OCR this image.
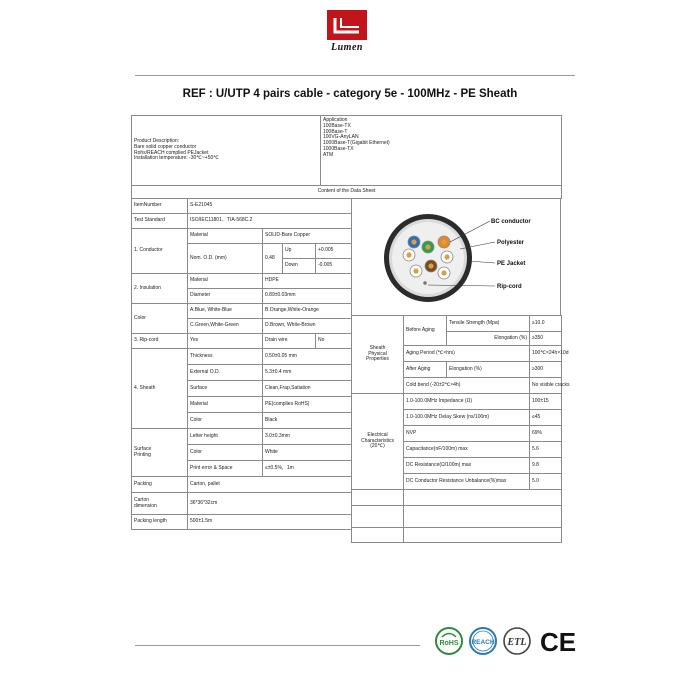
Lumen
REF : U/UTP 4 pairs cable - category 5e - 100MHz - PE Sheath
Product Description:
Bare solid copper conductor
Rohs/REACH complied PEJacket
Installation temperature: -30℃~+50℃

Application
100Base-TX
100Base-T
100VG-AnyLAN
1000Base-T(Gigabit Ethernet)
1000Base-TX
ATM

Content of the Data Sheet
ItemNumber	S-E21045			
Test Standard	ISO/IEC11801、TIA-568C.2			
1. Conductor	Material	SOLID-Bare Copper		
	Nom. O.D. (mm)	0.48	Up	+0.005
			Down	-0.005
2. Insulation	Material	HDPE		
	Diameter	0.89±0.03mm		
Color	A.Blue, White-Blue	B.Orange,White-Orange		
	C.Green,White-Green	D.Brown, White-Brown		
3. Rip-cord	Yes	Drain wire		No
4. Sheath	Thickness	0.50±0.05 mm		
	External O.D.	5.3±0.4 mm		
	Surface	Clean,Frap,Satiation		
	Material	PE(complies RoHS)		
	Color	Black		

Surface
Printing	Letter height	3.0±0.3mm		
	Color	White		
	Print error & Space	≤±0.5%，1m		
Packing	Carton, pallet			

Carton
dimension	36*36*32cm			
Packing length	500±1.5m			
BC conductor
Polyester
PE Jacket
Rip-cord
Sheath
Physical
Properties	Before Aging	Tensile Strength (Mpa)	≥10.0
		Elongation (%)	≥350
	Aging Period (℃×hrs)		100℃×24h×10d
	After Aging	Elongation (%)	≥300
	Cold bend (-20±2℃×4h)		No visible cracks

Electrical
Characteristics
(20℃)	1.0-100.0MHz Impedance (Ω)		100±15
	1.0-100.0MHz Delay Skew (ns/100m)		≤45
	NVP		69%
	Capacitance(nF/100m) max		5.6
	DC Resistance(Ω/100m) max		9.8
	DC Conductor Resistance Unbalance(%)max		5.0

RoHS REACH ETL CE
